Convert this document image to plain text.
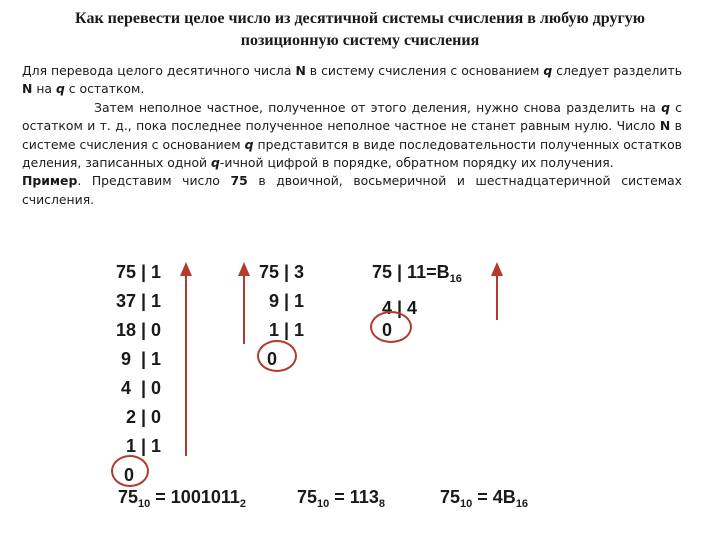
Как перевести целое число из десятичной системы счисления в любую другую
позиционную систему счисления

Для перевода целого десятичного числа N в систему счисления с основанием q следует разделить N на q с остатком.

Затем неполное частное, полученное от этого деления, нужно снова разделить на q с остатком и т. д., пока последнее полученное неполное частное не станет равным нулю. Число N в системе счисления с основанием q представится в виде последовательности полученных остатков деления, записанных одной q-ичной цифрой в порядке, обратном порядку их получения.

Пример. Представим число 75 в двоичной, восьмеричной и шестнадцатеричной системах счисления.

75 | 1
37 | 1
18 | 0
9  | 1
4  | 0
2 | 0
1 | 1
0
75 | 3
9 | 1
1 | 1
0
75 | $11=B_{16}$
4 | 4
0
$75_{10} = 1001011_2$	$75_{10} = 113_8$	$75_{10} = 4B_{16}$
